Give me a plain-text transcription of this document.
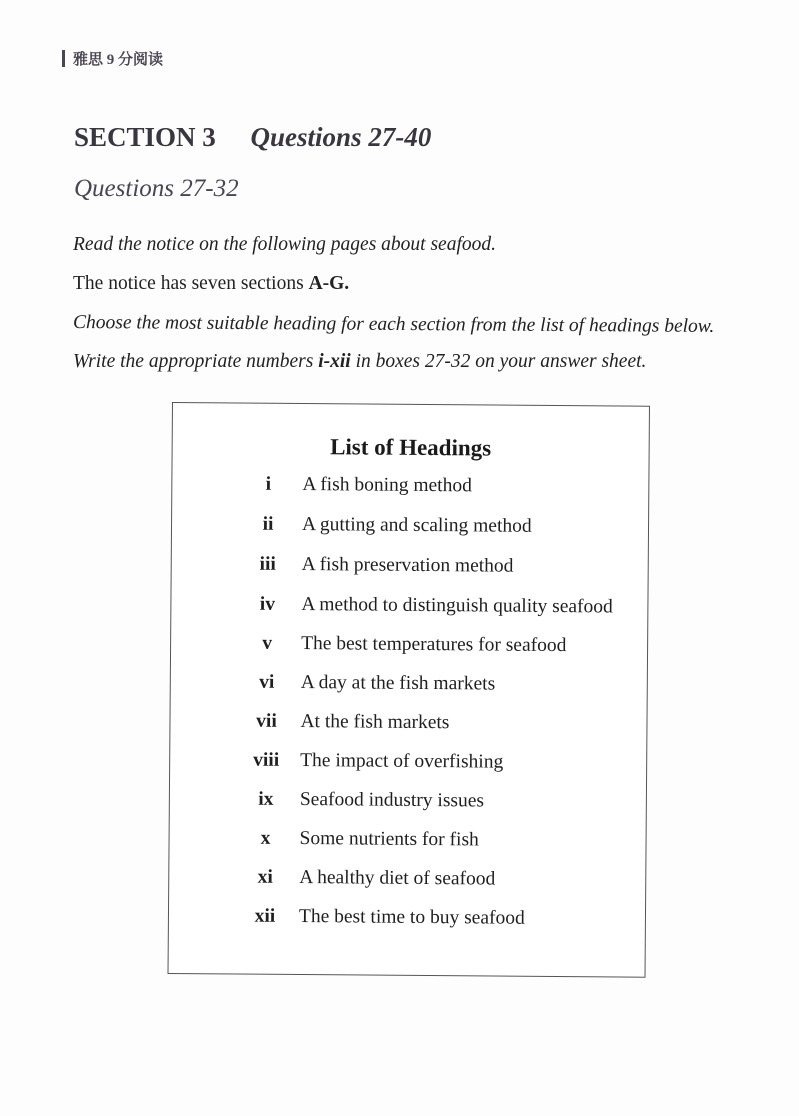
雅思 9 分阅读
SECTION 3 Questions 27-40
Questions 27-32
Read the notice on the following pages about seafood.
The notice has seven sections A-G.
Choose the most suitable heading for each section from the list of headings below.
Write the appropriate numbers i-xii in boxes 27-32 on your answer sheet.
List of Headings
i	A fish boning method
ii	A gutting and scaling method
iii	A fish preservation method
iv	A method to distinguish quality seafood
v	The best temperatures for seafood
vi	A day at the fish markets
vii	At the fish markets
viii	The impact of overfishing
ix	Seafood industry issues
x	Some nutrients for fish
xi	A healthy diet of seafood
xii	The best time to buy seafood
